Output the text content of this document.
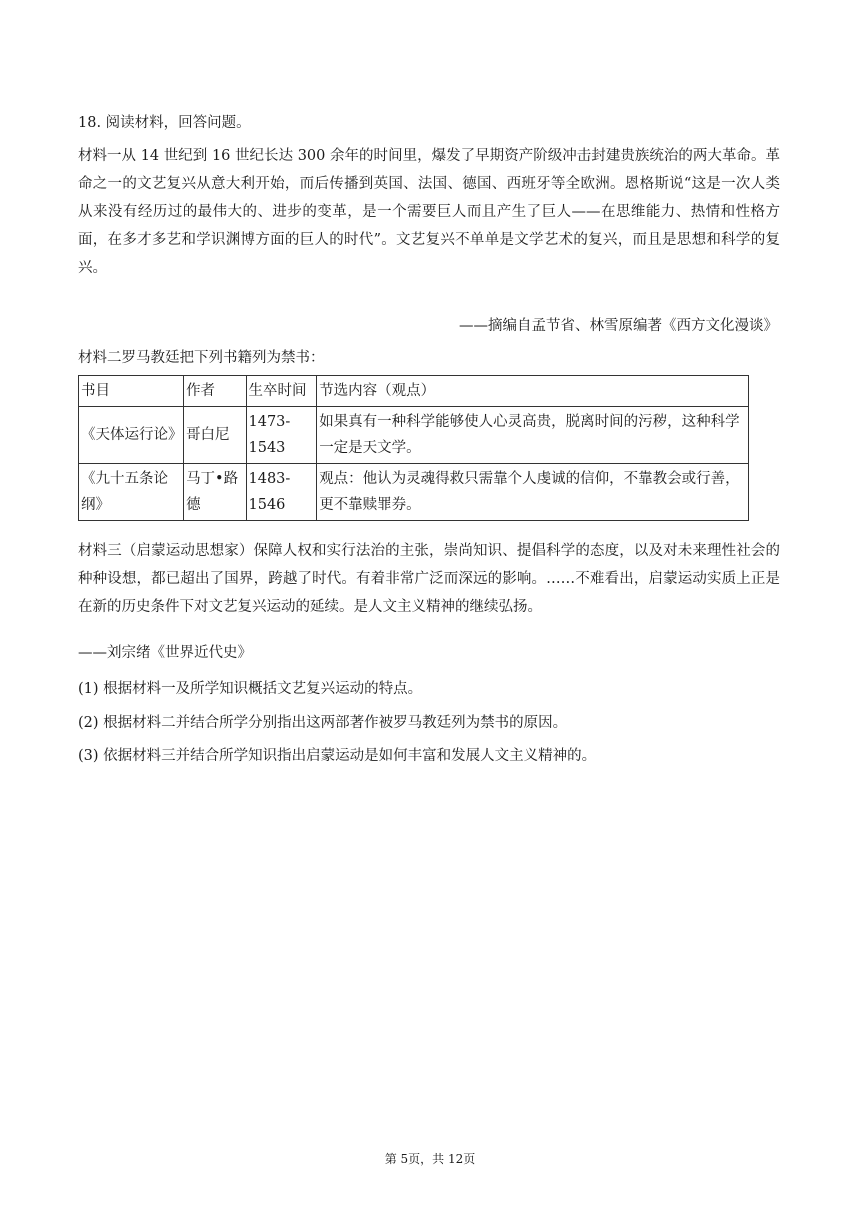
18. 阅读材料，回答问题。
材料一从 14 世纪到 16 世纪长达 300 余年的时间里，爆发了早期资产阶级冲击封建贵族统治的两大革命。革命之一的文艺复兴从意大利开始，而后传播到英国、法国、德国、西班牙等全欧洲。恩格斯说“这是一次人类从来没有经历过的最伟大的、进步的变革，是一个需要巨人而且产生了巨人——在思维能力、热情和性格方面，在多才多艺和学识渊博方面的巨人的时代”。文艺复兴不单单是文学艺术的复兴，而且是思想和科学的复兴。
——摘编自孟节省、林雪原编著《西方文化漫谈》
材料二罗马教廷把下列书籍列为禁书：
书目	作者	生卒时间	节选内容（观点）
《天体运行论》	哥白尼	1473-1543	如果真有一种科学能够使人心灵高贵，脱离时间的污秽，这种科学一定是天文学。
《九十五条论纲》	马丁•路德	1483-1546	观点：他认为灵魂得救只需靠个人虔诚的信仰，不靠教会或行善，更不靠赎罪券。
材料三（启蒙运动思想家）保障人权和实行法治的主张，崇尚知识、提倡科学的态度，以及对未来理性社会的种种设想，都已超出了国界，跨越了时代。有着非常广泛而深远的影响。……不难看出，启蒙运动实质上正是在新的历史条件下对文艺复兴运动的延续。是人文主义精神的继续弘扬。
——刘宗绪《世界近代史》
(1) 根据材料一及所学知识概括文艺复兴运动的特点。
(2) 根据材料二并结合所学分别指出这两部著作被罗马教廷列为禁书的原因。
(3) 依据材料三并结合所学知识指出启蒙运动是如何丰富和发展人文主义精神的。
第 5页，共 12页
